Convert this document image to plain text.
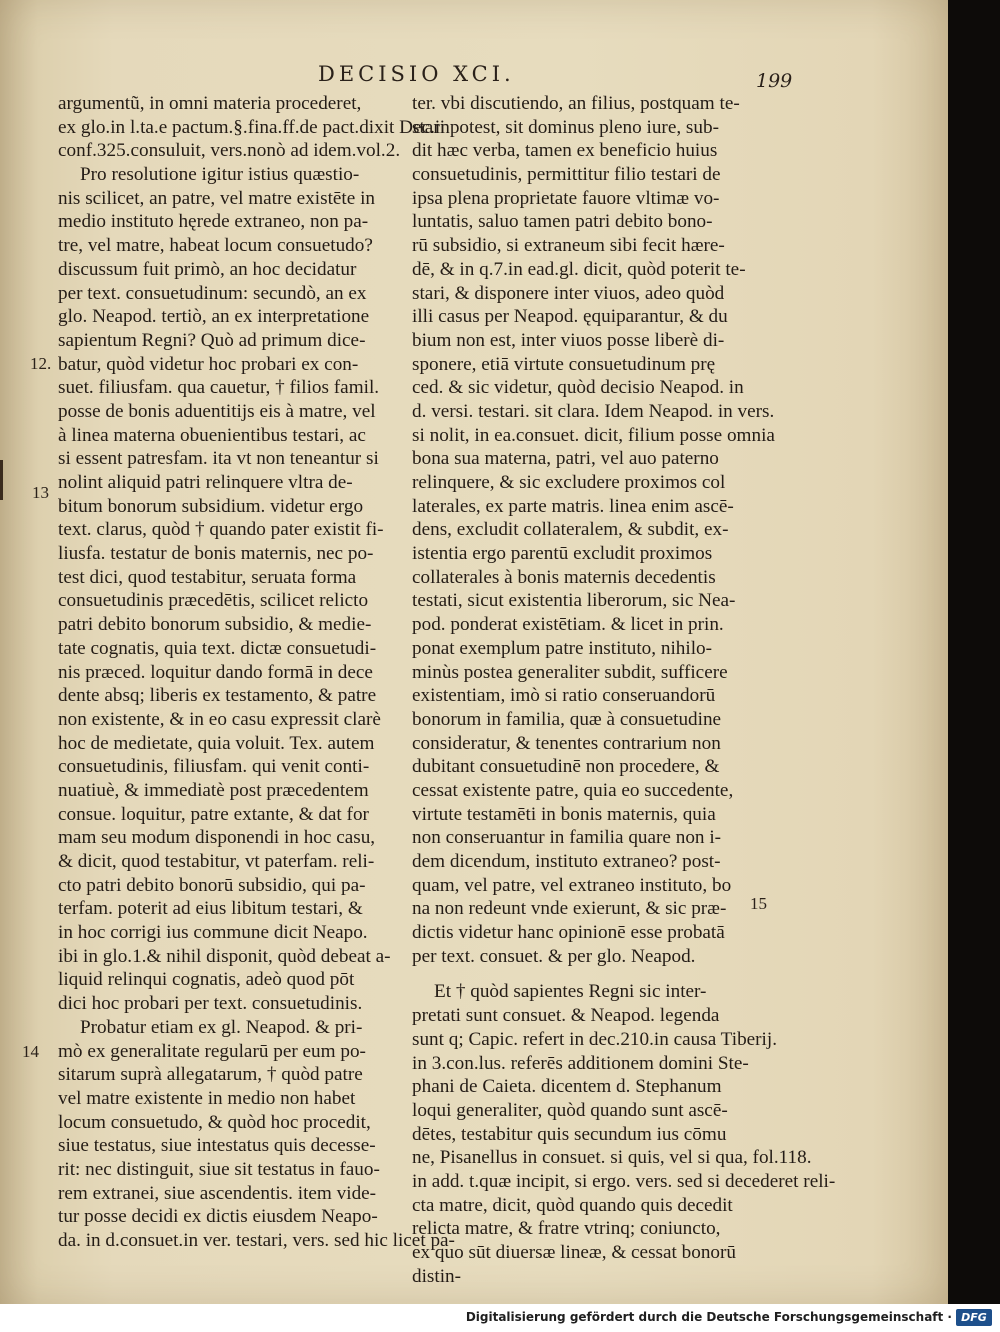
DECISIO XCI.	199
argumentũ, in omni materia procederet,
ex glo.in l.ta.e pactum.§.fina.ff.de pact.dixit Dec.in
conf.325.consuluit, vers.nonò ad idem.vol.2.
Pro resolutione igitur istius quæstio-
nis scilicet, an patre, vel matre existēte in
medio instituto hęrede extraneo, non pa-
tre, vel matre, habeat locum consuetudo?
discussum fuit primò, an hoc decidatur
per text. consuetudinum: secundò, an ex
glo. Neapod. tertiò, an ex interpretatione
sapientum Regni? Quò ad primum dice-
batur, quòd videtur hoc probari ex con-
suet. filiusfam. qua cauetur, † filios famil.
posse de bonis aduentitijs eis à matre, vel
à linea materna obuenientibus testari, ac
si essent patresfam. ita vt non teneantur si
nolint aliquid patri relinquere vltra de-
bitum bonorum subsidium. videtur ergo
text. clarus, quòd † quando pater existit fi-
liusfa. testatur de bonis maternis, nec po-
test dici, quod testabitur, seruata forma
consuetudinis præcedētis, scilicet relicto
patri debito bonorum subsidio, & medie-
tate cognatis, quia text. dictæ consuetudi-
nis præced. loquitur dando formā in dece
dente absq; liberis ex testamento, & patre
non existente, & in eo casu expressit clarè
hoc de medietate, quia voluit. Tex. autem
consuetudinis, filiusfam. qui venit conti-
nuatiuè, & immediatè post præcedentem
consue. loquitur, patre extante, & dat for
mam seu modum disponendi in hoc casu,
& dicit, quod testabitur, vt paterfam. reli-
cto patri debito bonorū subsidio, qui pa-
terfam. poterit ad eius libitum testari, &
in hoc corrigi ius commune dicit Neapo.
ibi in glo.1.& nihil disponit, quòd debeat a-
liquid relinqui cognatis, adeò quod pōt
dici hoc probari per text. consuetudinis.
Probatur etiam ex gl. Neapod. & pri-
mò ex generalitate regularū per eum po-
sitarum suprà allegatarum, † quòd patre
vel matre existente in medio non habet
locum consuetudo, & quòd hoc procedit,
siue testatus, siue intestatus quis decesse-
rit: nec distinguit, siue sit testatus in fauo-
rem extranei, siue ascendentis. item vide-
tur posse decidi ex dictis eiusdem Neapo-
da. in d.consuet.in ver. testari, vers. sed hic licet pa-
ter. vbi discutiendo, an filius, postquam te-
stari potest, sit dominus pleno iure, sub-
dit hæc verba, tamen ex beneficio huius
consuetudinis, permittitur filio testari de
ipsa plena proprietate fauore vltimæ vo-
luntatis, saluo tamen patri debito bono-
rū subsidio, si extraneum sibi fecit hære-
dē, & in q.7.in ead.gl. dicit, quòd poterit te-
stari, & disponere inter viuos, adeo quòd
illi casus per Neapod. ęquiparantur, & du
bium non est, inter viuos posse liberè di-
sponere, etiā virtute consuetudinum prę
ced. & sic videtur, quòd decisio Neapod. in
d. versi. testari. sit clara. Idem Neapod. in vers.
si nolit, in ea.consuet. dicit, filium posse omnia
bona sua materna, patri, vel auo paterno
relinquere, & sic excludere proximos col
laterales, ex parte matris. linea enim ascē-
dens, excludit collateralem, & subdit, ex-
istentia ergo parentū excludit proximos
collaterales à bonis maternis decedentis
testati, sicut existentia liberorum, sic Nea-
pod. ponderat existētiam. & licet in prin.
ponat exemplum patre instituto, nihilo-
minùs postea generaliter subdit, sufficere
existentiam, imò si ratio conseruandorū
bonorum in familia, quæ à consuetudine
consideratur, & tenentes contrarium non
dubitant consuetudinē non procedere, &
cessat existente patre, quia eo succedente,
virtute testamēti in bonis maternis, quia
non conseruantur in familia quare non i-
dem dicendum, instituto extraneo? post-
quam, vel patre, vel extraneo instituto, bo
na non redeunt vnde exierunt, & sic præ-
dictis videtur hanc opinionē esse probatā
per text. consuet. & per glo. Neapod.
Et † quòd sapientes Regni sic inter-
pretati sunt consuet. & Neapod. legenda
sunt q; Capic. refert in dec.210.in causa Tiberij.
in 3.con.lus. referēs additionem domini Ste-
phani de Caieta. dicentem d. Stephanum
loqui generaliter, quòd quando sunt ascē-
dētes, testabitur quis secundum ius cōmu
ne, Pisanellus in consuet. si quis, vel si qua, fol.118.
in add. t.quæ incipit, si ergo. vers. sed si decederet reli-
cta matre, dicit, quòd quando quis decedit
relicta matre, & fratre vtrinq; coniuncto,
ex quo sūt diuersæ lineæ, & cessat bonorū
distin-
12.
13
14
15
Digitalisierung gefördert durch die Deutsche Forschungsgemeinschaft · DFG
